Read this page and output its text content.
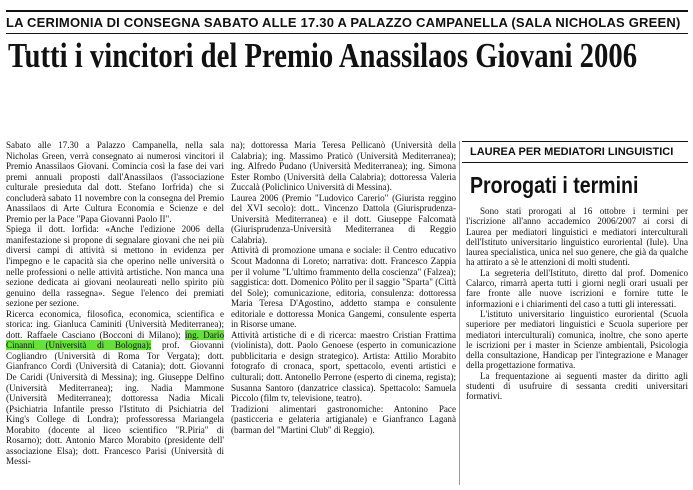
LA CERIMONIA DI CONSEGNA SABATO ALLE 17.30 A PALAZZO CAMPANELLA (SALA NICHOLAS GREEN)
Tutti i vincitori del Premio Anassilaos Giovani 2006

Sabato alle 17.30 a Palazzo Campanella, nella sala Nicholas Green, verrà consegnato ai numerosi vincitori il Premio Anassilaos Giovani. Comincia così la fase dei vari premi annuali proposti dall'Anassilaos (l'associazione culturale presieduta dal dott. Stefano Iorfrida) che si concluderà sabato 11 novembre con la consegna del Premio Anassilaos di Arte Cultura Economia e Scienze e del Premio per la Pace "Papa Giovanni Paolo II".

Spiega il dott. Iorfida: «Anche l'edizione 2006 della manifestazione si propone di segnalare giovani che nei più diversi campi di attività si mettono in evidenza per l'impegno e le capacità sia che operino nelle università o nelle professioni o nelle attività artistiche. Non manca una sezione dedicata ai giovani neolaureati nello spirito più genuino della rassegna». Segue l'elenco dei premiati sezione per sezione.

Ricerca economica, filosofica, economica, scientifica e storica: ing. Gianluca Caminiti (Università Mediterranea); dott. Raffaele Casciano (Bocconi di Milano); ing. Dario Cinanni (Università di Bologna); prof. Giovanni Cogliandro (Università di Roma Tor Vergata); dott. Gianfranco Cordì (Università di Catania); dott. Giovanni De Caridi (Università di Messina); ing. Giuseppe Delfino (Università Mediterranea); ing. Nadia Mammone (Università Mediterranea); dottoressa Nadia Micali (Psichiatria Infantile presso l'Istituto di Psichiatria del King's College di Londra); professoressa Mariangela Morabito (docente al liceo scientifico "R.Piria" di Rosarno); dott. Antonio Marco Morabito (presidente dell' associazione Elsa); dott. Francesco Parisi (Università di Messi-

na); dottoressa Maria Teresa Pellicanò (Università della Calabria); ing. Massimo Praticò (Università Mediterranea); ing. Alfredo Pudano (Università Mediterranea); ing. Simona Ester Rombo (Università della Calabria); dottoressa Valeria Zuccalà (Policlinico Università di Messina).

Laurea 2006 (Premio "Ludovico Carerio" (Giurista reggino del XVI secolo): dott.. Vincenzo Dattola (Giurisprudenza-Università Mediterranea) e il dott. Giuseppe Falcomatà (Giurisprudenza-Università Mediterranea di Reggio Calabria).

Attività di promozione umana e sociale: il Centro educativo Scout Madonna di Loreto; narrativa: dott. Francesco Zappia per il volume "L'ultimo frammento della coscienza" (Falzea); saggistica: dott. Domenico Pòlito per il saggio "Sparta" (Città del Sole); comunicazione, editoria, consulenza: dottoressa Maria Teresa D'Agostino, addetto stampa e consulente editoriale e dottoressa Monica Gangemi, consulente esperta in Risorse umane.

Attività artistiche di e di ricerca: maestro Cristian Frattima (violinista), dott. Paolo Genoese (esperto in comunicazione pubblicitaria e design strategico). Artista: Attilio Morabito fotografo di cronaca, sport, spettacolo, eventi artistici e culturali; dott. Antonello Perrone (esperto di cinema, regista); Susanna Santoro (danzatrice classica). Spettacolo: Samuela Piccolo (film tv, televisione, teatro).

Tradizioni alimentari gastronomiche: Antonino Pace (pasticceria e gelateria artigianale) e Gianfranco Laganà (barman del "Martini Club" di Reggio).

LAUREA PER MEDIATORI LINGUISTICI
Prorogati i termini

Sono stati prorogati al 16 ottobre i termini per l'iscrizione all'anno accademico 2006/2007 ai corsi di Laurea per mediatori linguistici e mediatori interculturali dell'Istituto universitario linguistico euroriental (Iule). Una laurea specialistica, unica nel suo genere, che già da qualche ha attirato a sè le attenzioni di molti studenti.

La segreteria dell'Istituto, diretto dal prof. Domenico Calarco, rimarrà aperta tutti i giorni negli orari usuali per fare fronte alle nuove iscrizioni e fornire tutte le informazioni e i chiarimenti del caso a tutti gli interessati.

L'istituto universitario linguistico euroriental (Scuola superiore per mediatori linguistici e Scuola superiore per mediatori interculturali) comunica, inoltre, che sono aperte le iscrizioni per i master in Scienze ambientali, Psicologia della consultazione, Handicap per l'integrazione e Manager della progettazione formativa.

La frequentazione ai seguenti master da diritto agli studenti di usufruire di sessanta crediti universitari formativi.
